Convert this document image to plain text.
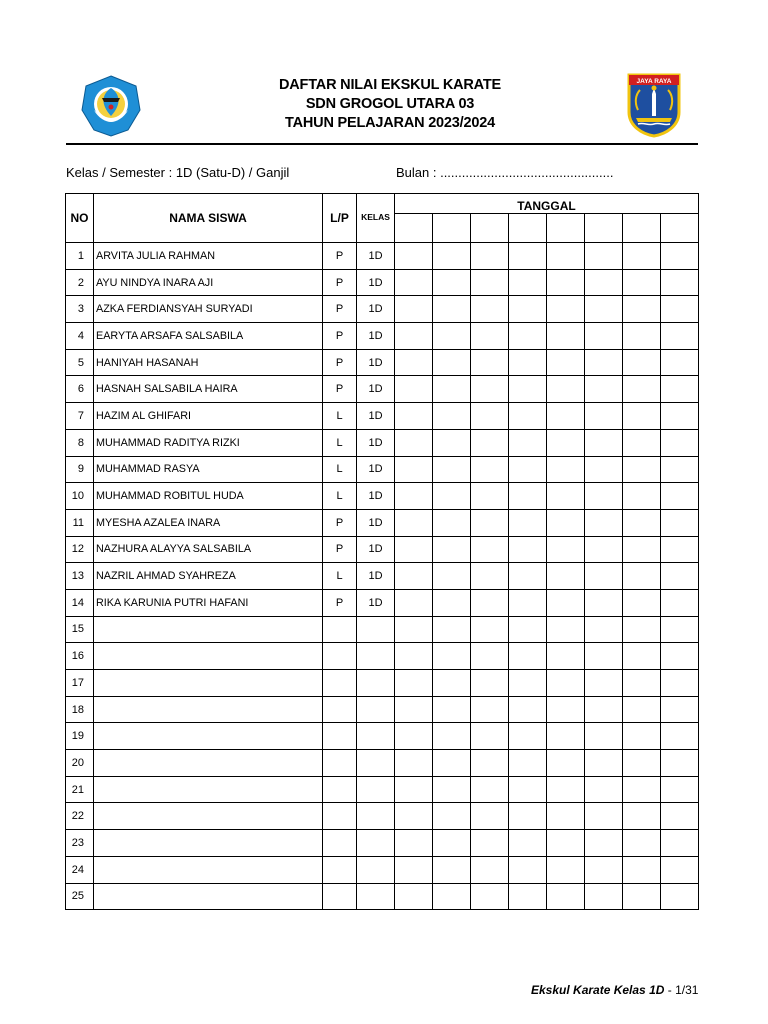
DAFTAR NILAI EKSKUL KARATE
SDN GROGOL UTARA 03
TAHUN PELAJARAN 2023/2024
JAYA RAYA
Kelas / Semester : 1D (Satu-D) / Ganjil	Bulan : ................................................
NO	NAMA SISWA	L/P	KELAS	TANGGAL							

1	ARVITA JULIA RAHMAN	P	1D								
2	AYU NINDYA INARA AJI	P	1D								
3	AZKA FERDIANSYAH SURYADI	P	1D								
4	EARYTA ARSAFA SALSABILA	P	1D								
5	HANIYAH HASANAH	P	1D								
6	HASNAH SALSABILA HAIRA	P	1D								
7	HAZIM AL GHIFARI	L	1D								
8	MUHAMMAD RADITYA RIZKI	L	1D								
9	MUHAMMAD RASYA	L	1D								
10	MUHAMMAD ROBITUL HUDA	L	1D								
11	MYESHA AZALEA INARA	P	1D								
12	NAZHURA ALAYYA SALSABILA	P	1D								
13	NAZRIL AHMAD SYAHREZA	L	1D								
14	RIKA KARUNIA PUTRI HAFANI	P	1D								
15											
16											
17											
18											
19											
20											
21											
22											
23											
24											
25											
Ekskul Karate Kelas 1D - 1/31
